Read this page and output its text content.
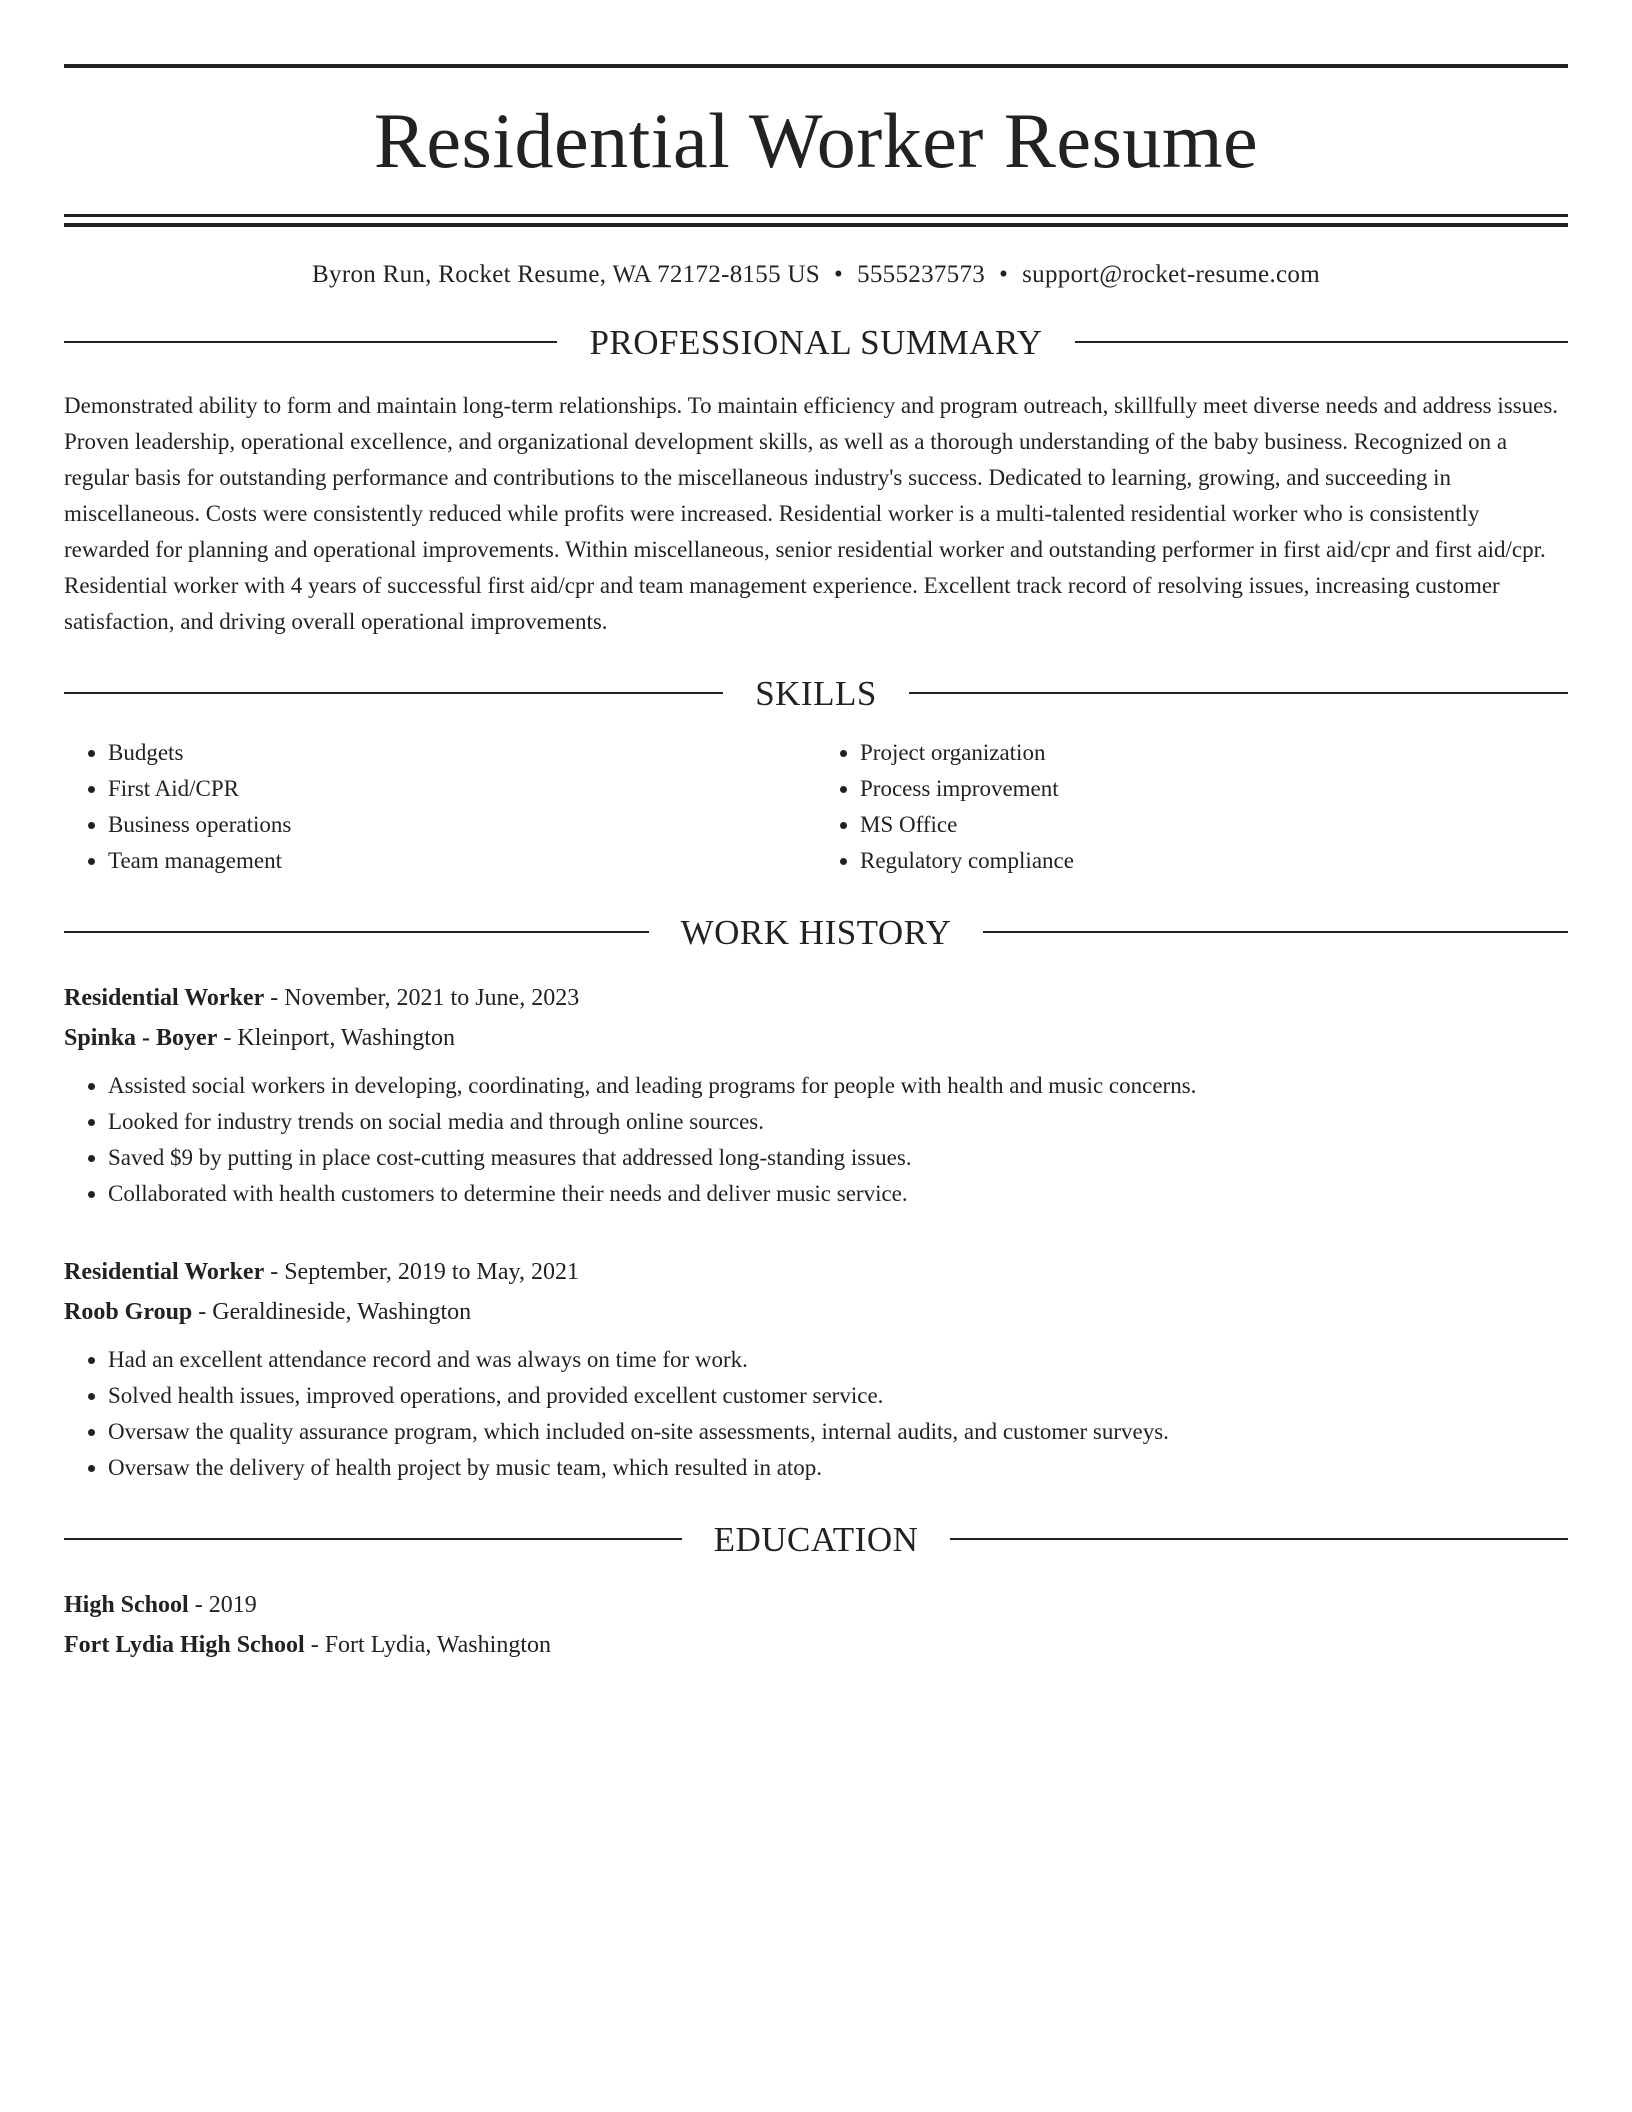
Residential Worker Resume
Byron Run, Rocket Resume, WA 72172-8155 US • 5555237573 • support@rocket-resume.com
PROFESSIONAL SUMMARY
Demonstrated ability to form and maintain long-term relationships. To maintain efficiency and program outreach, skillfully meet diverse needs and address issues. Proven leadership, operational excellence, and organizational development skills, as well as a thorough understanding of the baby business. Recognized on a regular basis for outstanding performance and contributions to the miscellaneous industry's success. Dedicated to learning, growing, and succeeding in miscellaneous. Costs were consistently reduced while profits were increased. Residential worker is a multi-talented residential worker who is consistently rewarded for planning and operational improvements. Within miscellaneous, senior residential worker and outstanding performer in first aid/cpr and first aid/cpr. Residential worker with 4 years of successful first aid/cpr and team management experience. Excellent track record of resolving issues, increasing customer satisfaction, and driving overall operational improvements.
SKILLS
• Budgets
• First Aid/CPR
• Business operations
• Team management
• Project organization
• Process improvement
• MS Office
• Regulatory compliance
WORK HISTORY
Residential Worker - November, 2021 to June, 2023
Spinka - Boyer - Kleinport, Washington
• Assisted social workers in developing, coordinating, and leading programs for people with health and music concerns.
• Looked for industry trends on social media and through online sources.
• Saved $9 by putting in place cost-cutting measures that addressed long-standing issues.
• Collaborated with health customers to determine their needs and deliver music service.
Residential Worker - September, 2019 to May, 2021
Roob Group - Geraldineside, Washington
• Had an excellent attendance record and was always on time for work.
• Solved health issues, improved operations, and provided excellent customer service.
• Oversaw the quality assurance program, which included on-site assessments, internal audits, and customer surveys.
• Oversaw the delivery of health project by music team, which resulted in atop.
EDUCATION
High School - 2019
Fort Lydia High School - Fort Lydia, Washington
